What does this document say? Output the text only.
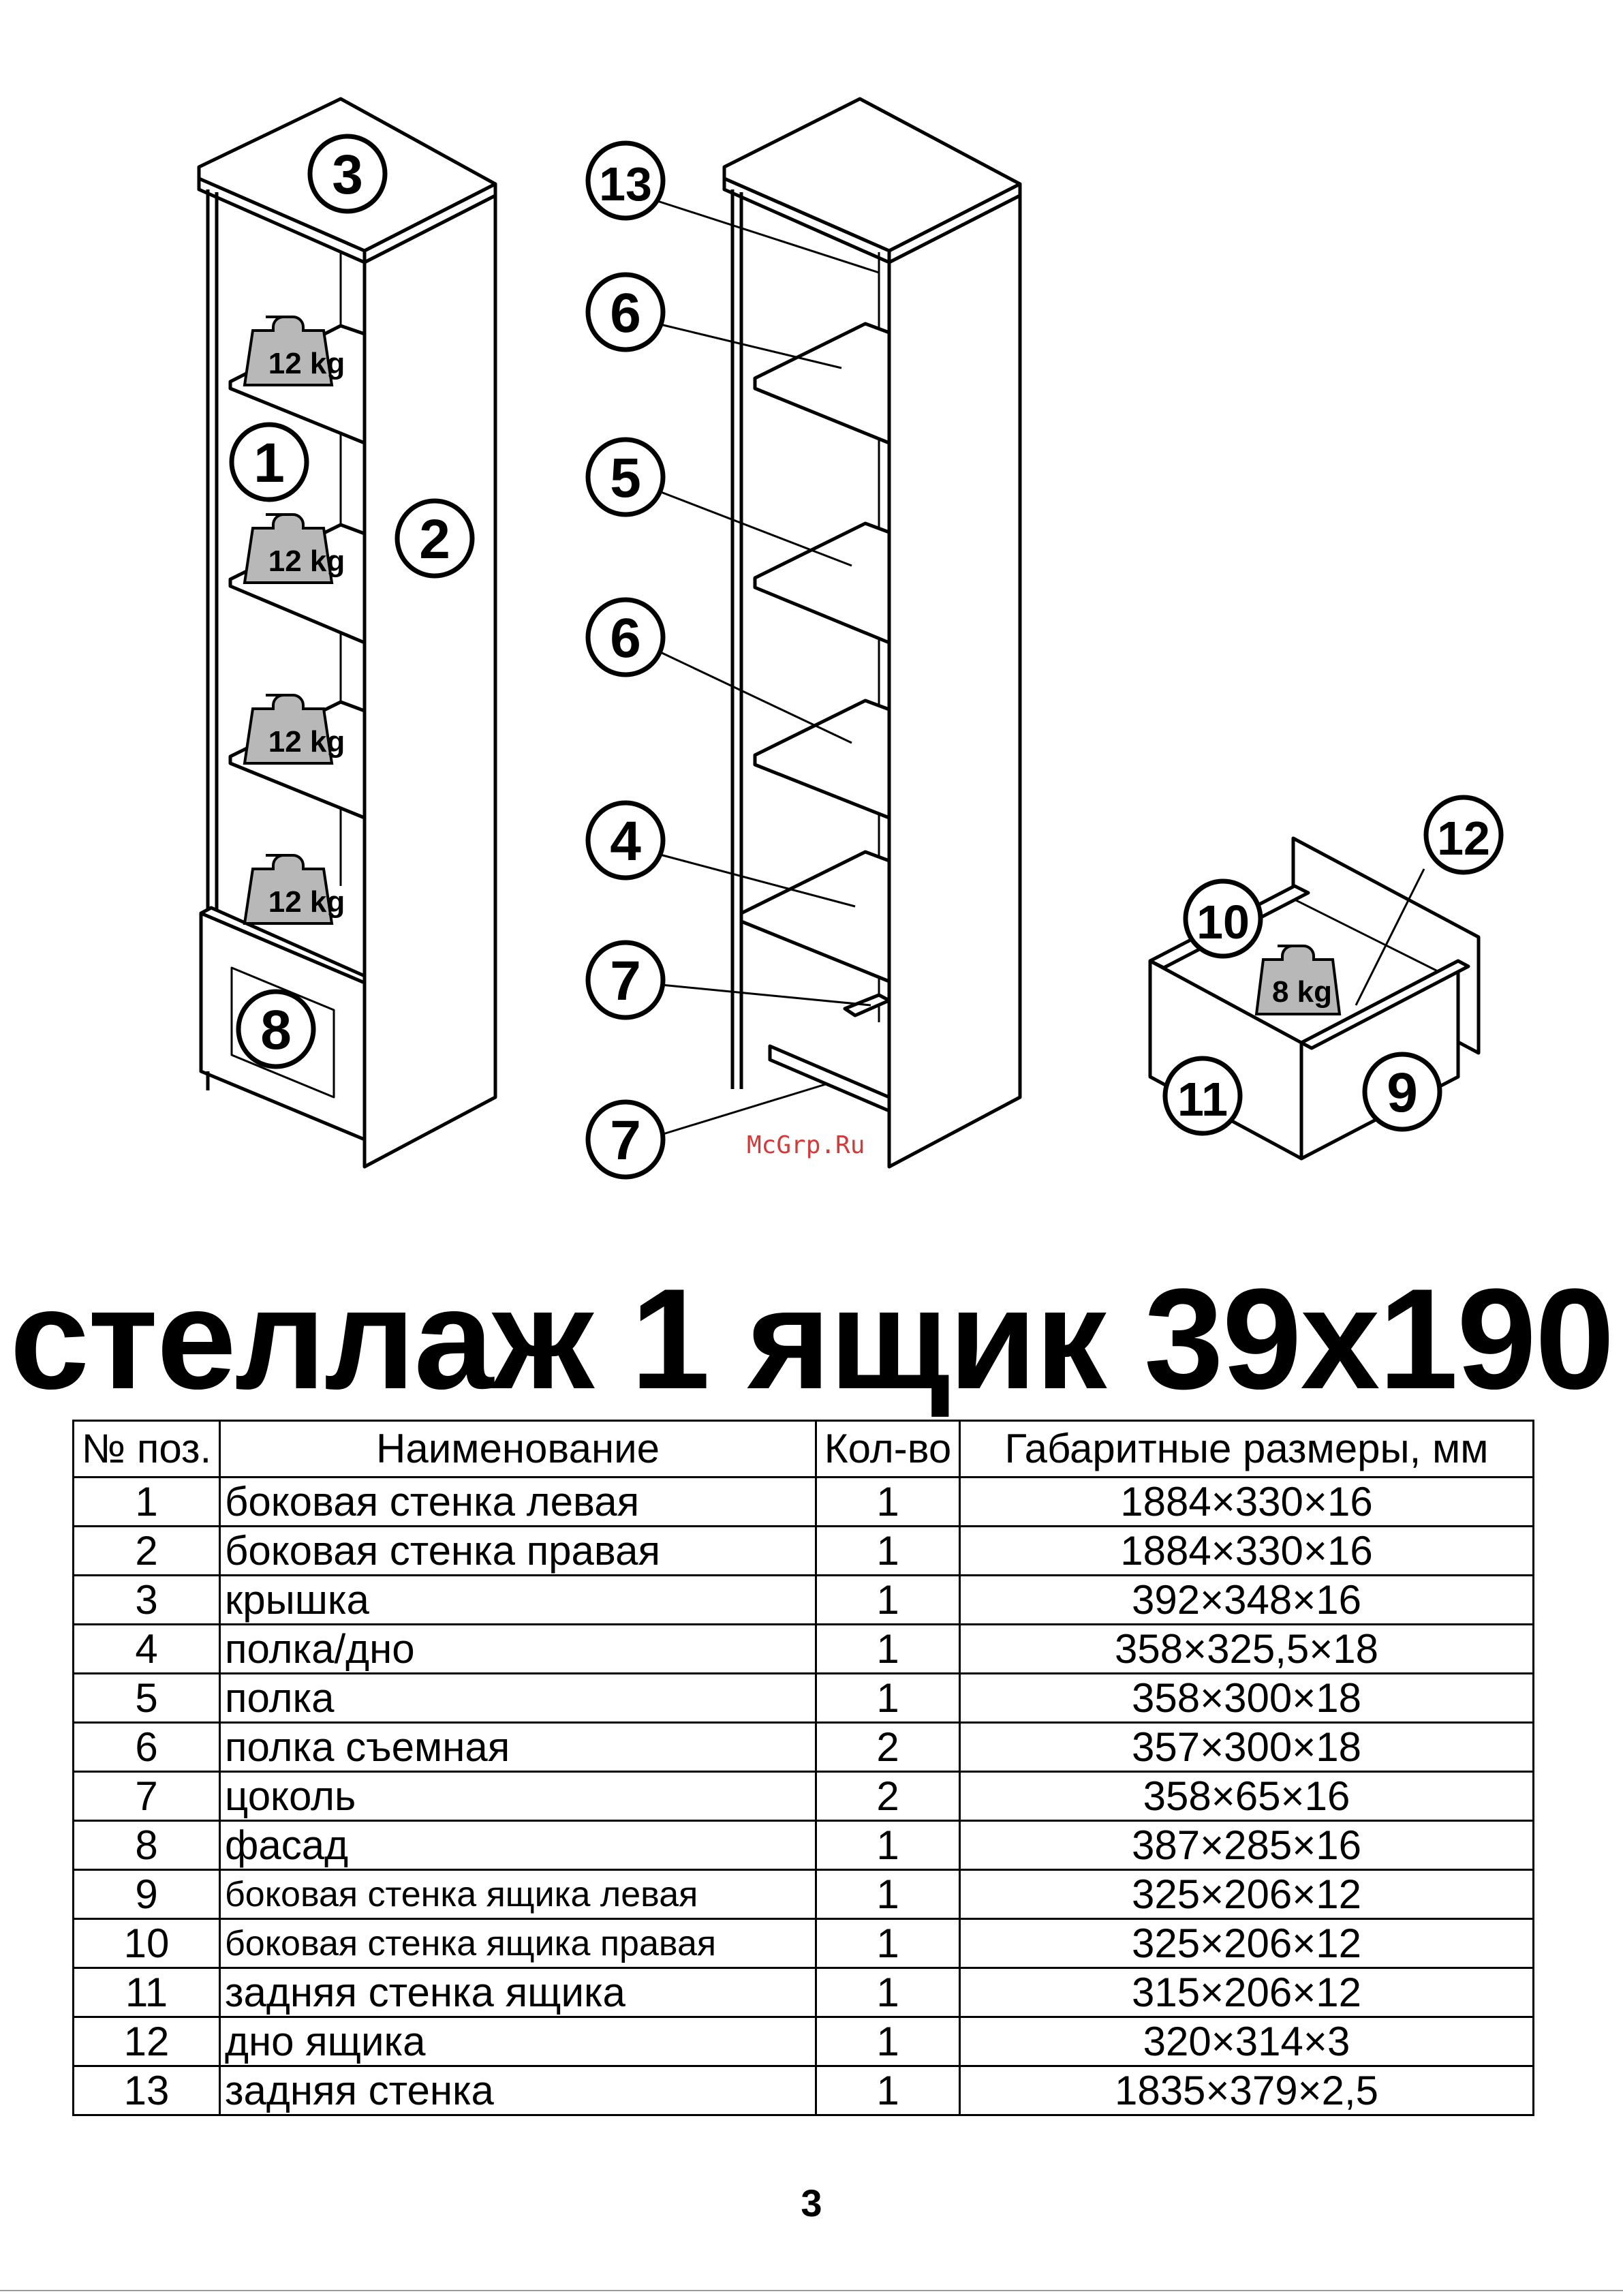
12 kg
12 kg
12 kg
12 kg
8 kg
3
1
2
8
13
6
5
6
4
7
7
12
10
11	9
McGrp.Ru
стеллаж 1 ящик 39х190
№ поз.	Наименование	Кол-во	Габаритные размеры, мм
1	боковая стенка левая	1	1884×330×16
2	боковая стенка правая	1	1884×330×16
3	крышка	1	392×348×16
4	полка/дно	1	358×325,5×18
5	полка	1	358×300×18
6	полка съемная	2	357×300×18
7	цоколь	2	358×65×16
8	фасад	1	387×285×16
9	боковая стенка ящика левая	1	325×206×12
10	боковая стенка ящика правая	1	325×206×12
11	задняя стенка ящика	1	315×206×12
12	дно ящика	1	320×314×3
13	задняя стенка	1	1835×379×2,5
3
